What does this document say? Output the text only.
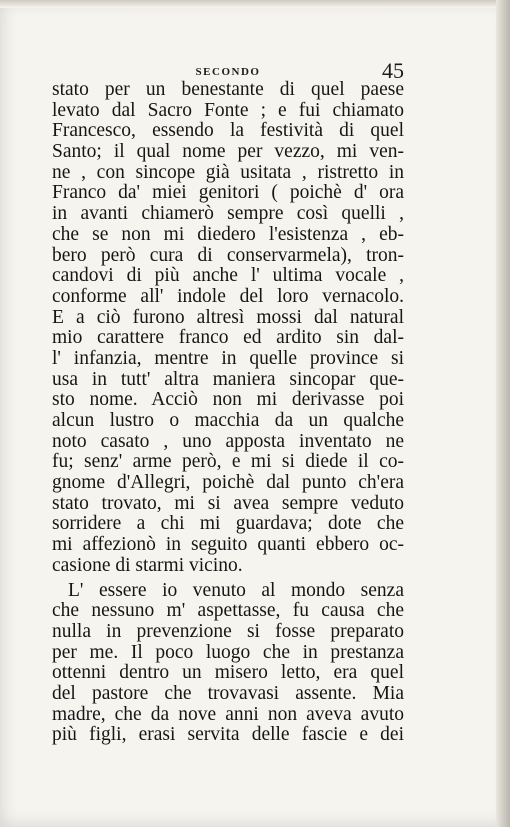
SECONDO	45
stato per un benestante di quel paese
levato dal Sacro Fonte ; e fui chiamato
Francesco, essendo la festività di quel
Santo; il qual nome per vezzo, mi ven-
ne , con sincope già usitata , ristretto in
Franco da' miei genitori ( poichè d' ora
in avanti chiamerò sempre così quelli ,
che se non mi diedero l'esistenza , eb-
bero però cura di conservarmela), tron-
candovi di più anche l' ultima vocale ,
conforme all' indole del loro vernacolo.
E a ciò furono altresì mossi dal natural
mio carattere franco ed ardito sin dal-
l' infanzia, mentre in quelle province si
usa in tutt' altra maniera sincopar que-
sto nome. Acciò non mi derivasse poi
alcun lustro o macchia da un qualche
noto casato , uno apposta inventato ne
fu; senz' arme però, e mi si diede il co-
gnome d'Allegri, poichè dal punto ch'era
stato trovato, mi si avea sempre veduto
sorridere a chi mi guardava; dote che
mi affezionò in seguito quanti ebbero oc-
casione di starmi vicino.
L' essere io venuto al mondo senza
che nessuno m' aspettasse, fu causa che
nulla in prevenzione si fosse preparato
per me. Il poco luogo che in prestanza
ottenni dentro un misero letto, era quel
del pastore che trovavasi assente. Mia
madre, che da nove anni non aveva avuto
più figli, erasi servita delle fascie e dei
